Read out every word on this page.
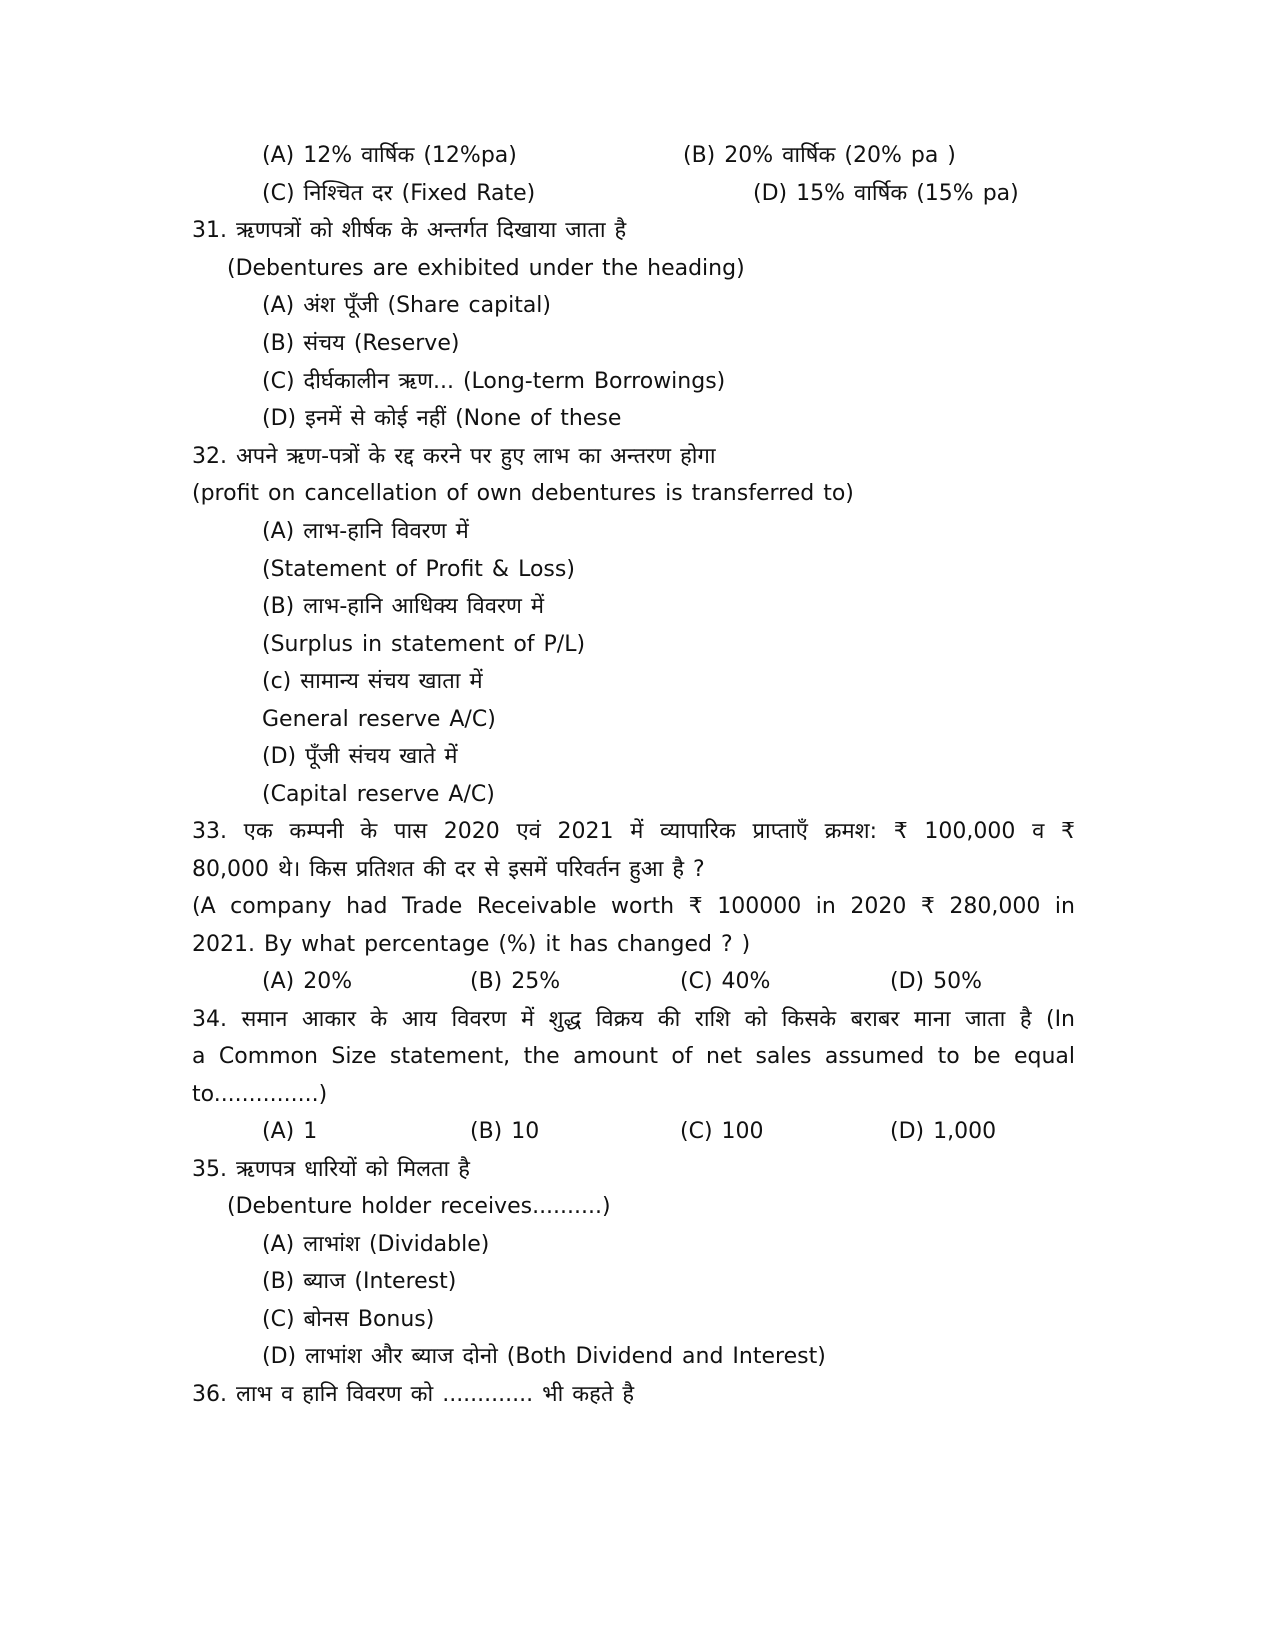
(A) 12% वार्षिक (12%pa)	(B) 20% वार्षिक (20% pa )
(C) निश्चित दर (Fixed Rate)	(D) 15% वार्षिक (15% pa)
31. ऋणपत्रों को शीर्षक के अन्तर्गत दिखाया जाता है
(Debentures are exhibited under the heading)
(A) अंश पूँजी (Share capital)
(B) संचय (Reserve)
(C) दीर्घकालीन ऋण... (Long-term Borrowings)
(D) इनमें से कोई नहीं (None of these
32. अपने ऋण-पत्रों के रद्द करने पर हुए लाभ का अन्तरण होगा
(profit on cancellation of own debentures is transferred to)
(A) लाभ-हानि विवरण में
(Statement of Profit & Loss)
(B) लाभ-हानि आधिक्य विवरण में
(Surplus in statement of P/L)
(c) सामान्य संचय खाता में
General reserve A/C)
(D) पूँजी संचय खाते में
(Capital reserve A/C)
33. एक कम्पनी के पास 2020 एवं 2021 में व्यापारिक प्राप्ताएँ क्रमश: ₹ 100,000 व ₹
80,000 थे। किस प्रतिशत की दर से इसमें परिवर्तन हुआ है ?
(A company had Trade Receivable worth ₹ 100000 in 2020 ₹ 280,000 in
2021. By what percentage (%) it has changed ? )
(A) 20%	(B) 25%	(C) 40%	(D) 50%
34. समान आकार के आय विवरण में शुद्ध विक्रय की राशि को किसके बराबर माना जाता है (In
a Common Size statement, the amount of net sales assumed to be equal
to...............)
(A) 1	(B) 10	(C) 100	(D) 1,000
35. ऋणपत्र धारियों को मिलता है
(Debenture holder receives..........)
(A) लाभांश (Dividable)
(B) ब्याज (Interest)
(C) बोनस Bonus)
(D) लाभांश और ब्याज दोनो (Both Dividend and Interest)
36. लाभ व हानि विवरण को ............. भी कहते है
